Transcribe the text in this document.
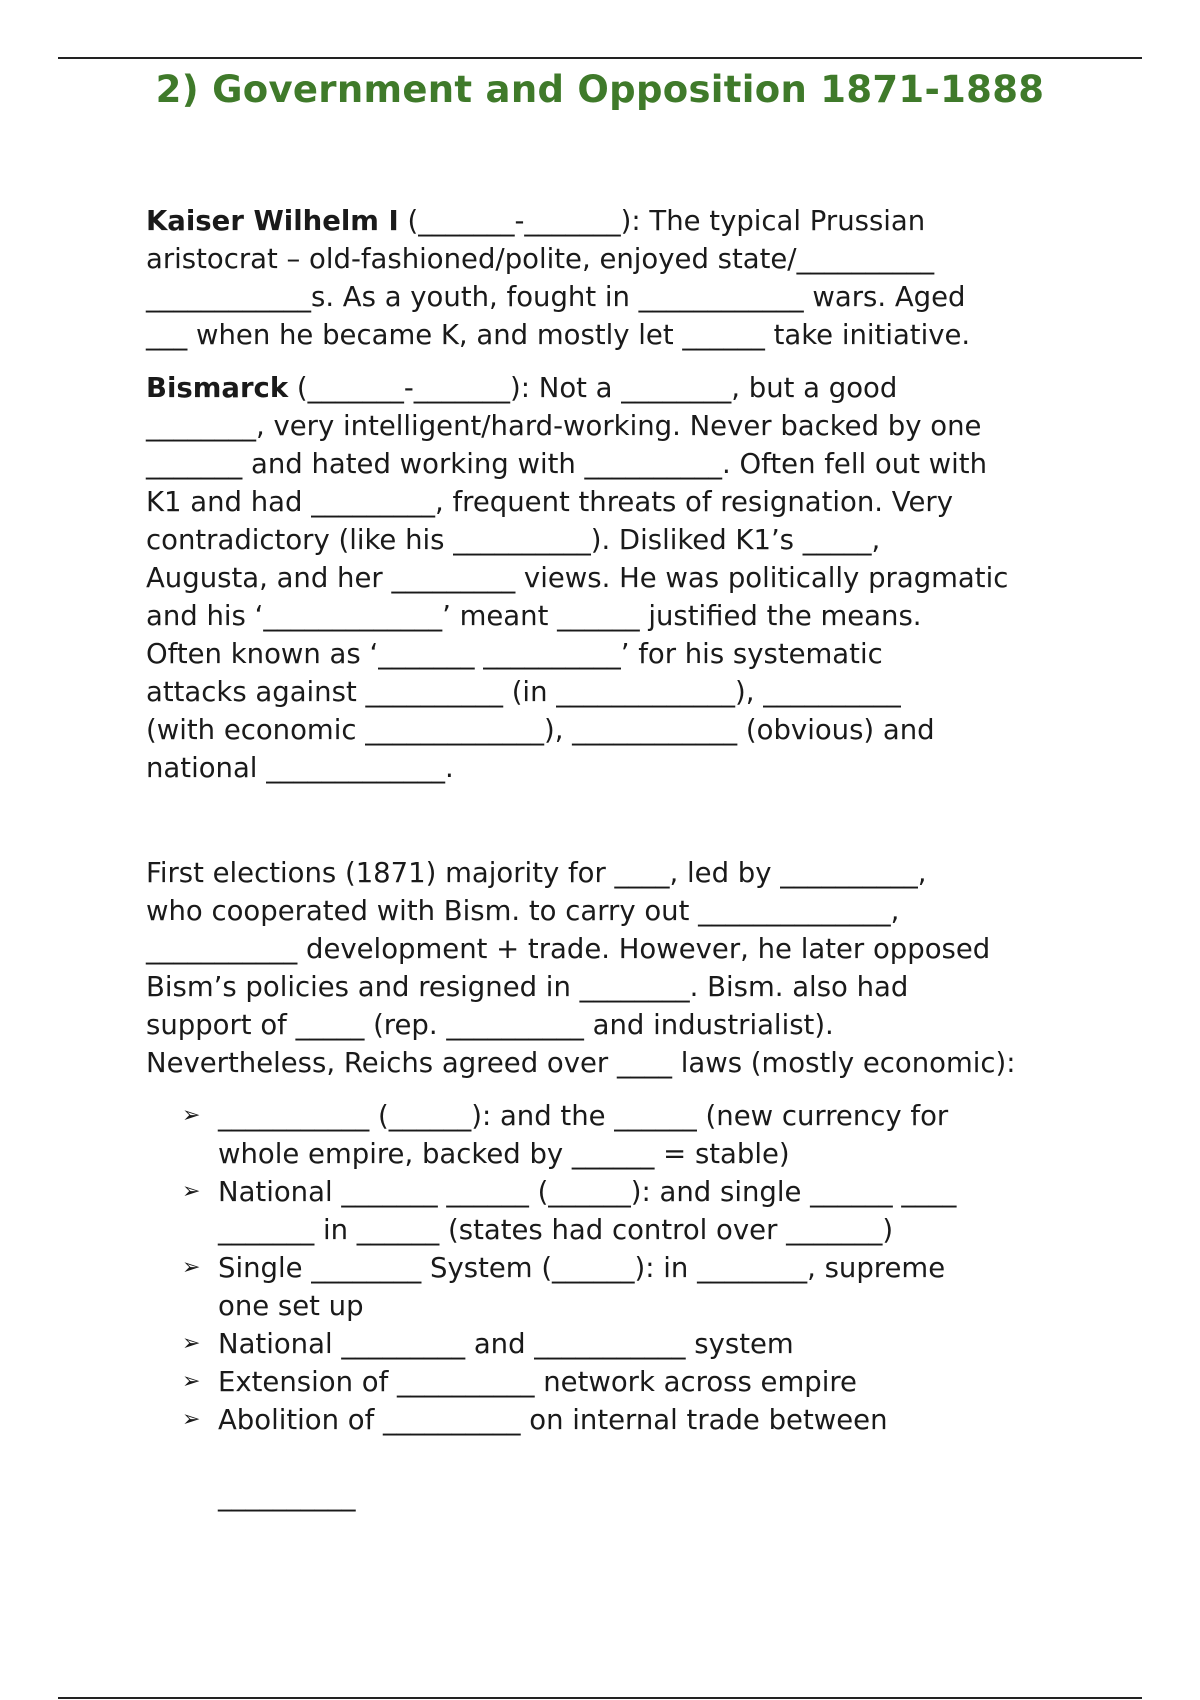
2) Government and Opposition 1871-1888
Kaiser Wilhelm I (_______-_______): The typical Prussian
aristocrat – old-fashioned/polite, enjoyed state/__________
____________s. As a youth, fought in ____________ wars. Aged
___ when he became K, and mostly let ______ take initiative.
Bismarck (_______-_______): Not a ________, but a good
________, very intelligent/hard-working. Never backed by one
_______ and hated working with __________. Often fell out with
K1 and had _________, frequent threats of resignation. Very
contradictory (like his __________). Disliked K1’s _____,
Augusta, and her _________ views. He was politically pragmatic
and his ‘_____________’ meant ______ justified the means.
Often known as ‘_______ __________’ for his systematic
attacks against __________ (in _____________), __________
(with economic _____________), ____________ (obvious) and
national _____________.
First elections (1871) majority for ____, led by __________,
who cooperated with Bism. to carry out ______________,
___________ development + trade. However, he later opposed
Bism’s policies and resigned in ________. Bism. also had
support of _____ (rep. __________ and industrialist).
Nevertheless, Reichs agreed over ____ laws (mostly economic):
➢ ___________ (______): and the ______ (new currency for
whole empire, backed by ______ = stable)
➢ National _______ ______ (______): and single ______ ____
_______ in ______ (states had control over _______)
➢ Single ________ System (______): in ________, supreme
one set up
➢ National _________ and ___________ system
➢ Extension of __________ network across empire
➢ Abolition of __________ on internal trade between

__________
